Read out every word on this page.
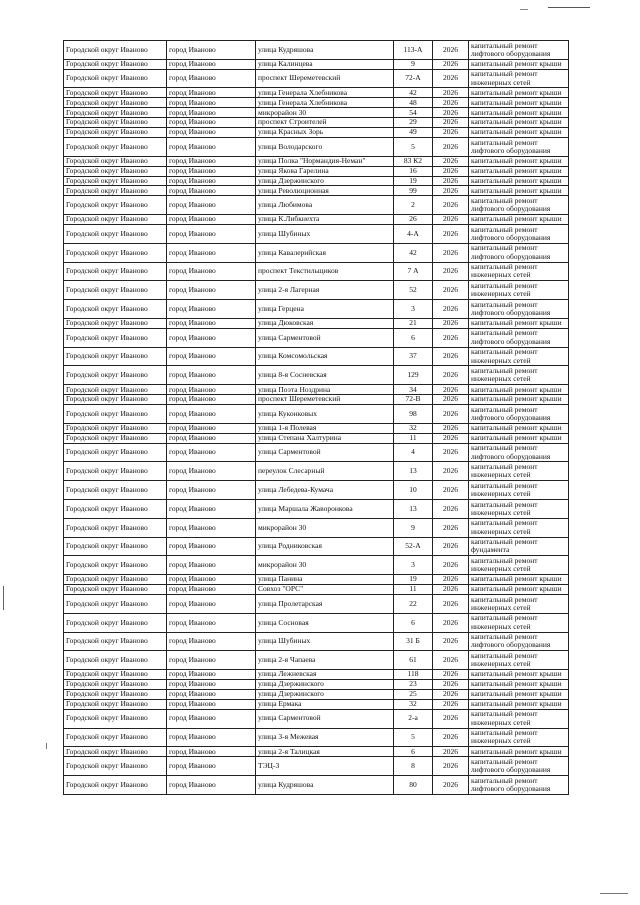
Городской округ Иваново	город Иваново	улица Кудряшова	113-А	2026	капитальный ремонт лифтового оборудования
Городской округ Иваново	город Иваново	улица Калинцева	9	2026	капитальный ремонт крыши
Городской округ Иваново	город Иваново	проспект Шереметевский	72-А	2026	капитальный ремонт инженерных сетей
Городской округ Иваново	город Иваново	улица Генерала Хлебникова	42	2026	капитальный ремонт крыши
Городской округ Иваново	город Иваново	улица Генерала Хлебникова	48	2026	капитальный ремонт крыши
Городской округ Иваново	город Иваново	микрорайон 30	54	2026	капитальный ремонт крыши
Городской округ Иваново	город Иваново	проспект Строителей	29	2026	капитальный ремонт крыши
Городской округ Иваново	город Иваново	улица Красных Зорь	49	2026	капитальный ремонт крыши
Городской округ Иваново	город Иваново	улица Володарского	5	2026	капитальный ремонт лифтового оборудования
Городской округ Иваново	город Иваново	улица Полка "Нормандия-Неман"	83 К2	2026	капитальный ремонт крыши
Городской округ Иваново	город Иваново	улица Якова Гарелина	16	2026	капитальный ремонт крыши
Городской округ Иваново	город Иваново	улица Дзержинского	19	2026	капитальный ремонт крыши
Городской округ Иваново	город Иваново	улица Революционная	99	2026	капитальный ремонт крыши
Городской округ Иваново	город Иваново	улица Любимова	2	2026	капитальный ремонт лифтового оборудования
Городской округ Иваново	город Иваново	улица К.Либкнехта	26	2026	капитальный ремонт крыши
Городской округ Иваново	город Иваново	улица Шубиных	4-А	2026	капитальный ремонт лифтового оборудования
Городской округ Иваново	город Иваново	улица Кавалерийская	42	2026	капитальный ремонт лифтового оборудования
Городской округ Иваново	город Иваново	проспект Текстильщиков	7 А	2026	капитальный ремонт инженерных сетей
Городской округ Иваново	город Иваново	улица 2-я Лагерная	52	2026	капитальный ремонт инженерных сетей
Городской округ Иваново	город Иваново	улица Герцена	3	2026	капитальный ремонт лифтового оборудования
Городской округ Иваново	город Иваново	улица Дюковская	21	2026	капитальный ремонт крыши
Городской округ Иваново	город Иваново	улица Сарментовой	6	2026	капитальный ремонт лифтового оборудования
Городской округ Иваново	город Иваново	улица Комсомольская	37	2026	капитальный ремонт инженерных сетей
Городской округ Иваново	город Иваново	улица 8-я Сосневская	129	2026	капитальный ремонт инженерных сетей
Городской округ Иваново	город Иваново	улица Поэта Ноздрина	34	2026	капитальный ремонт крыши
Городской округ Иваново	город Иваново	проспект Шереметевский	72-В	2026	капитальный ремонт крыши
Городской округ Иваново	город Иваново	улица Куконковых	98	2026	капитальный ремонт лифтового оборудования
Городской округ Иваново	город Иваново	улица 1-я Полевая	32	2026	капитальный ремонт крыши
Городской округ Иваново	город Иваново	улица Степана Халтурина	11	2026	капитальный ремонт крыши
Городской округ Иваново	город Иваново	улица Сарментовой	4	2026	капитальный ремонт лифтового оборудования
Городской округ Иваново	город Иваново	переулок Слесарный	13	2026	капитальный ремонт инженерных сетей
Городской округ Иваново	город Иваново	улица Лебедева-Кумача	10	2026	капитальный ремонт инженерных сетей
Городской округ Иваново	город Иваново	улица Маршала Жаворонкова	13	2026	капитальный ремонт инженерных сетей
Городской округ Иваново	город Иваново	микрорайон 30	9	2026	капитальный ремонт инженерных сетей
Городской округ Иваново	город Иваново	улица Родниковская	52-А	2026	капитальный ремонт фундамента
Городской округ Иваново	город Иваново	микрорайон 30	3	2026	капитальный ремонт инженерных сетей
Городской округ Иваново	город Иваново	улица Панина	19	2026	капитальный ремонт крыши
Городской округ Иваново	город Иваново	Совхоз "ОРС"	11	2026	капитальный ремонт крыши
Городской округ Иваново	город Иваново	улица Пролетарская	22	2026	капитальный ремонт инженерных сетей
Городской округ Иваново	город Иваново	улица Сосновая	6	2026	капитальный ремонт инженерных сетей
Городской округ Иваново	город Иваново	улица Шубиных	31 Б	2026	капитальный ремонт лифтового оборудования
Городской округ Иваново	город Иваново	улица 2-я Чапаева	61	2026	капитальный ремонт инженерных сетей
Городской округ Иваново	город Иваново	улица Лежневская	118	2026	капитальный ремонт крыши
Городской округ Иваново	город Иваново	улица Дзержинского	23	2026	капитальный ремонт крыши
Городской округ Иваново	город Иваново	улица Дзержинского	25	2026	капитальный ремонт крыши
Городской округ Иваново	город Иваново	улица Ермака	32	2026	капитальный ремонт крыши
Городской округ Иваново	город Иваново	улица Сарментовой	2-а	2026	капитальный ремонт инженерных сетей
Городской округ Иваново	город Иваново	улица 3-я Межевая	5	2026	капитальный ремонт инженерных сетей
Городской округ Иваново	город Иваново	улица 2-я Талицкая	6	2026	капитальный ремонт крыши
Городской округ Иваново	город Иваново	ТЭЦ-3	8	2026	капитальный ремонт лифтового оборудования
Городской округ Иваново	город Иваново	улица Кудряшова	80	2026	капитальный ремонт лифтового оборудования
